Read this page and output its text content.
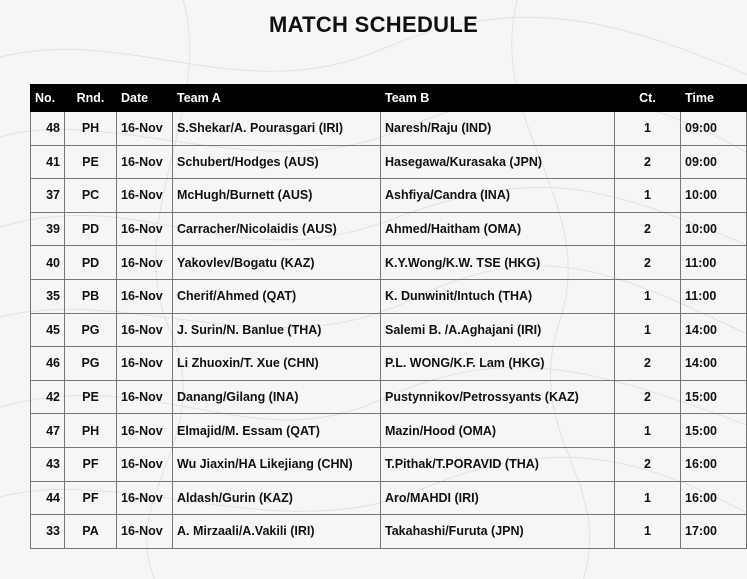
MATCH SCHEDULE
No.	Rnd.	Date	Team A	Team B	Ct.	Time
48	PH	16-Nov	S.Shekar/A. Pourasgari (IRI)	Naresh/Raju (IND)	1	09:00
41	PE	16-Nov	Schubert/Hodges (AUS)	Hasegawa/Kurasaka (JPN)	2	09:00
37	PC	16-Nov	McHugh/Burnett (AUS)	Ashfiya/Candra (INA)	1	10:00
39	PD	16-Nov	Carracher/Nicolaidis (AUS)	Ahmed/Haitham (OMA)	2	10:00
40	PD	16-Nov	Yakovlev/Bogatu (KAZ)	K.Y.Wong/K.W. TSE (HKG)	2	11:00
35	PB	16-Nov	Cherif/Ahmed (QAT)	K. Dunwinit/Intuch (THA)	1	11:00
45	PG	16-Nov	J. Surin/N. Banlue (THA)	Salemi B. /A.Aghajani (IRI)	1	14:00
46	PG	16-Nov	Li Zhuoxin/T. Xue (CHN)	P.L. WONG/K.F. Lam (HKG)	2	14:00
42	PE	16-Nov	Danang/Gilang (INA)	Pustynnikov/Petrossyants (KAZ)	2	15:00
47	PH	16-Nov	Elmajid/M. Essam (QAT)	Mazin/Hood (OMA)	1	15:00
43	PF	16-Nov	Wu Jiaxin/HA Likejiang (CHN)	T.Pithak/T.PORAVID (THA)	2	16:00
44	PF	16-Nov	Aldash/Gurin (KAZ)	Aro/MAHDI (IRI)	1	16:00
33	PA	16-Nov	A. Mirzaali/A.Vakili (IRI)	Takahashi/Furuta (JPN)	1	17:00
